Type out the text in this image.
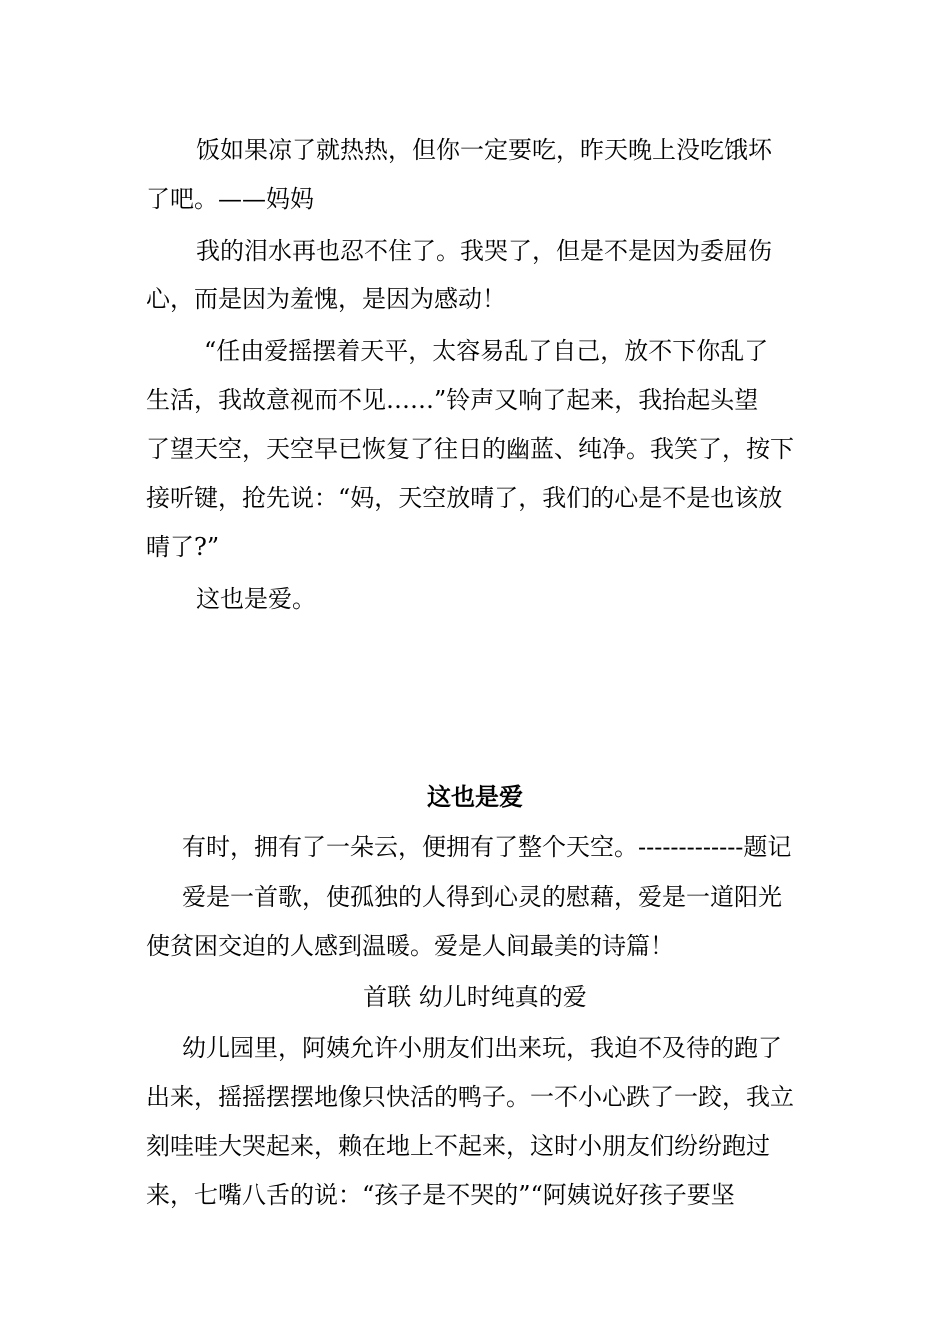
饭如果凉了就热热，但你一定要吃，昨天晚上没吃饿坏
了吧。——妈妈
我的泪水再也忍不住了。我哭了，但是不是因为委屈伤
心，而是因为羞愧，是因为感动！
“任由爱摇摆着天平，太容易乱了自己，放不下你乱了
生活，我故意视而不见……”铃声又响了起来，我抬起头望
了望天空，天空早已恢复了往日的幽蓝、纯净。我笑了，按下
接听键，抢先说：“妈，天空放晴了，我们的心是不是也该放
晴了?”
这也是爱。
这也是爱
有时，拥有了一朵云，便拥有了整个天空。-------------题记
爱是一首歌，使孤独的人得到心灵的慰藉，爱是一道阳光
使贫困交迫的人感到温暖。爱是人间最美的诗篇！
首联 幼儿时纯真的爱
幼儿园里，阿姨允许小朋友们出来玩，我迫不及待的跑了
出来，摇摇摆摆地像只快活的鸭子。一不小心跌了一跤，我立
刻哇哇大哭起来，赖在地上不起来，这时小朋友们纷纷跑过
来，七嘴八舌的说：“孩子是不哭的”“阿姨说好孩子要坚
